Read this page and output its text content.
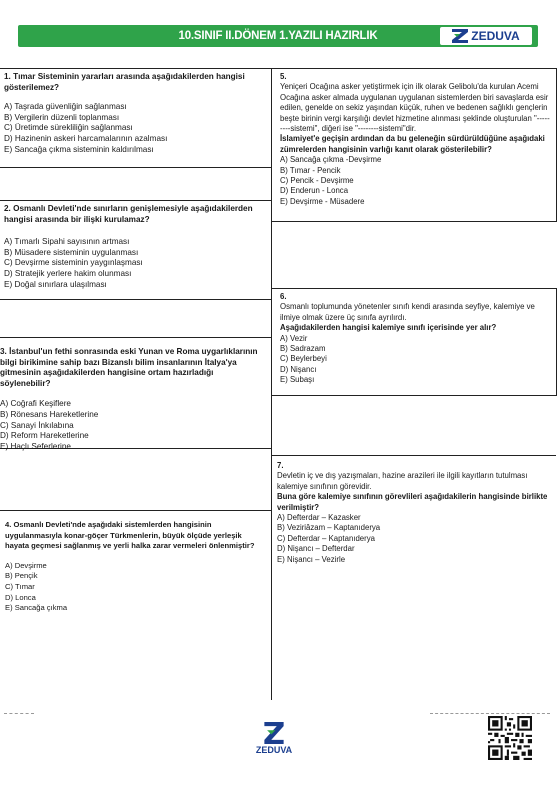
10.SINIF II.DÖNEM 1.YAZILI HAZIRLIK	ZEDUVA
1. Tımar Sisteminin yararları arasında aşağıdakilerden hangisi gösterilemez?
A) Taşrada güvenliğin sağlanması
B) Vergilerin düzenli toplanması
C) Üretimde sürekliliğin sağlanması
D) Hazinenin askeri harcamalarının azalması
E) Sancağa çıkma sisteminin kaldırılması
2. Osmanlı Devleti'nde sınırların genişlemesiyle aşağıdakilerden hangisi arasında bir ilişki kurulamaz?
A) Tımarlı Sipahi sayısının artması
B) Müsadere sisteminin uygulanması
C) Devşirme sisteminin yaygınlaşması
D) Stratejik yerlere hakim olunması
E) Doğal sınırlara ulaşılması
3. İstanbul'un fethi sonrasında eski Yunan ve Roma uygarlıklarının bilgi birikimine sahip bazı Bizanslı bilim insanlarının İtalya'ya gitmesinin aşağıdakilerden hangisine ortam hazırladığı söylenebilir?
A) Coğrafi Keşiflere
B) Rönesans Hareketlerine
C) Sanayi İnkılabına
D) Reform Hareketlerine
E) Haçlı Seferlerine
4. Osmanlı Devleti'nde aşağıdaki sistemlerden hangisinin uygulanmasıyla konar-göçer Türkmenlerin, büyük ölçüde yerleşik hayata geçmesi sağlanmış ve yerli halka zarar vermeleri önlenmiştir?
A) Devşirme
B) Pençik
C) Tımar
D) Lonca
E) Sancağa çıkma
5.
Yeniçeri Ocağına asker yetiştirmek için ilk olarak Gelibolu'da kurulan Acemi Ocağına asker almada uygulanan uygulanan sistemlerden biri savaşlarda esir edilen, genelde on sekiz yaşından küçük, ruhen ve bedenen sağlıklı gençlerin beşte birinin vergi karşılığı devlet hizmetine alınması şeklinde oluşturulan "---------sistemi", diğeri ise "--------sistemi"dir.
İslamiyet'e geçişin ardından da bu geleneğin sürdürüldüğüne aşağıdaki zümrelerden hangisinin varlığı kanıt olarak gösterilebilir?
A) Sancağa çıkma -Devşirme
B) Tımar - Pencik
C) Pencik - Devşirme
D) Enderun - Lonca
E) Devşirme - Müsadere
6.
Osmanlı toplumunda yönetenler sınıfı kendi arasında seyfiye, kalemiye ve ilmiye olmak üzere üç sınıfa ayrılırdı.
Aşağıdakilerden hangisi kalemiye sınıfı içerisinde yer alır?
A) Vezir
B) Sadrazam
C) Beylerbeyi
D) Nişancı
E) Subaşı
7.
Devletin iç ve dış yazışmaları, hazine arazileri ile ilgili kayıtların tutulması kalemiye sınıfının görevidir.
Buna göre kalemiye sınıfının görevlileri aşağıdakilerin hangisinde birlikte verilmiştir?
A) Defterdar – Kazasker
B) Veziriâzam – Kaptanıderya
C) Defterdar – Kaptanıderya
D) Nişancı – Defterdar
E) Nişancı – Vezirle
ZEDUVA
